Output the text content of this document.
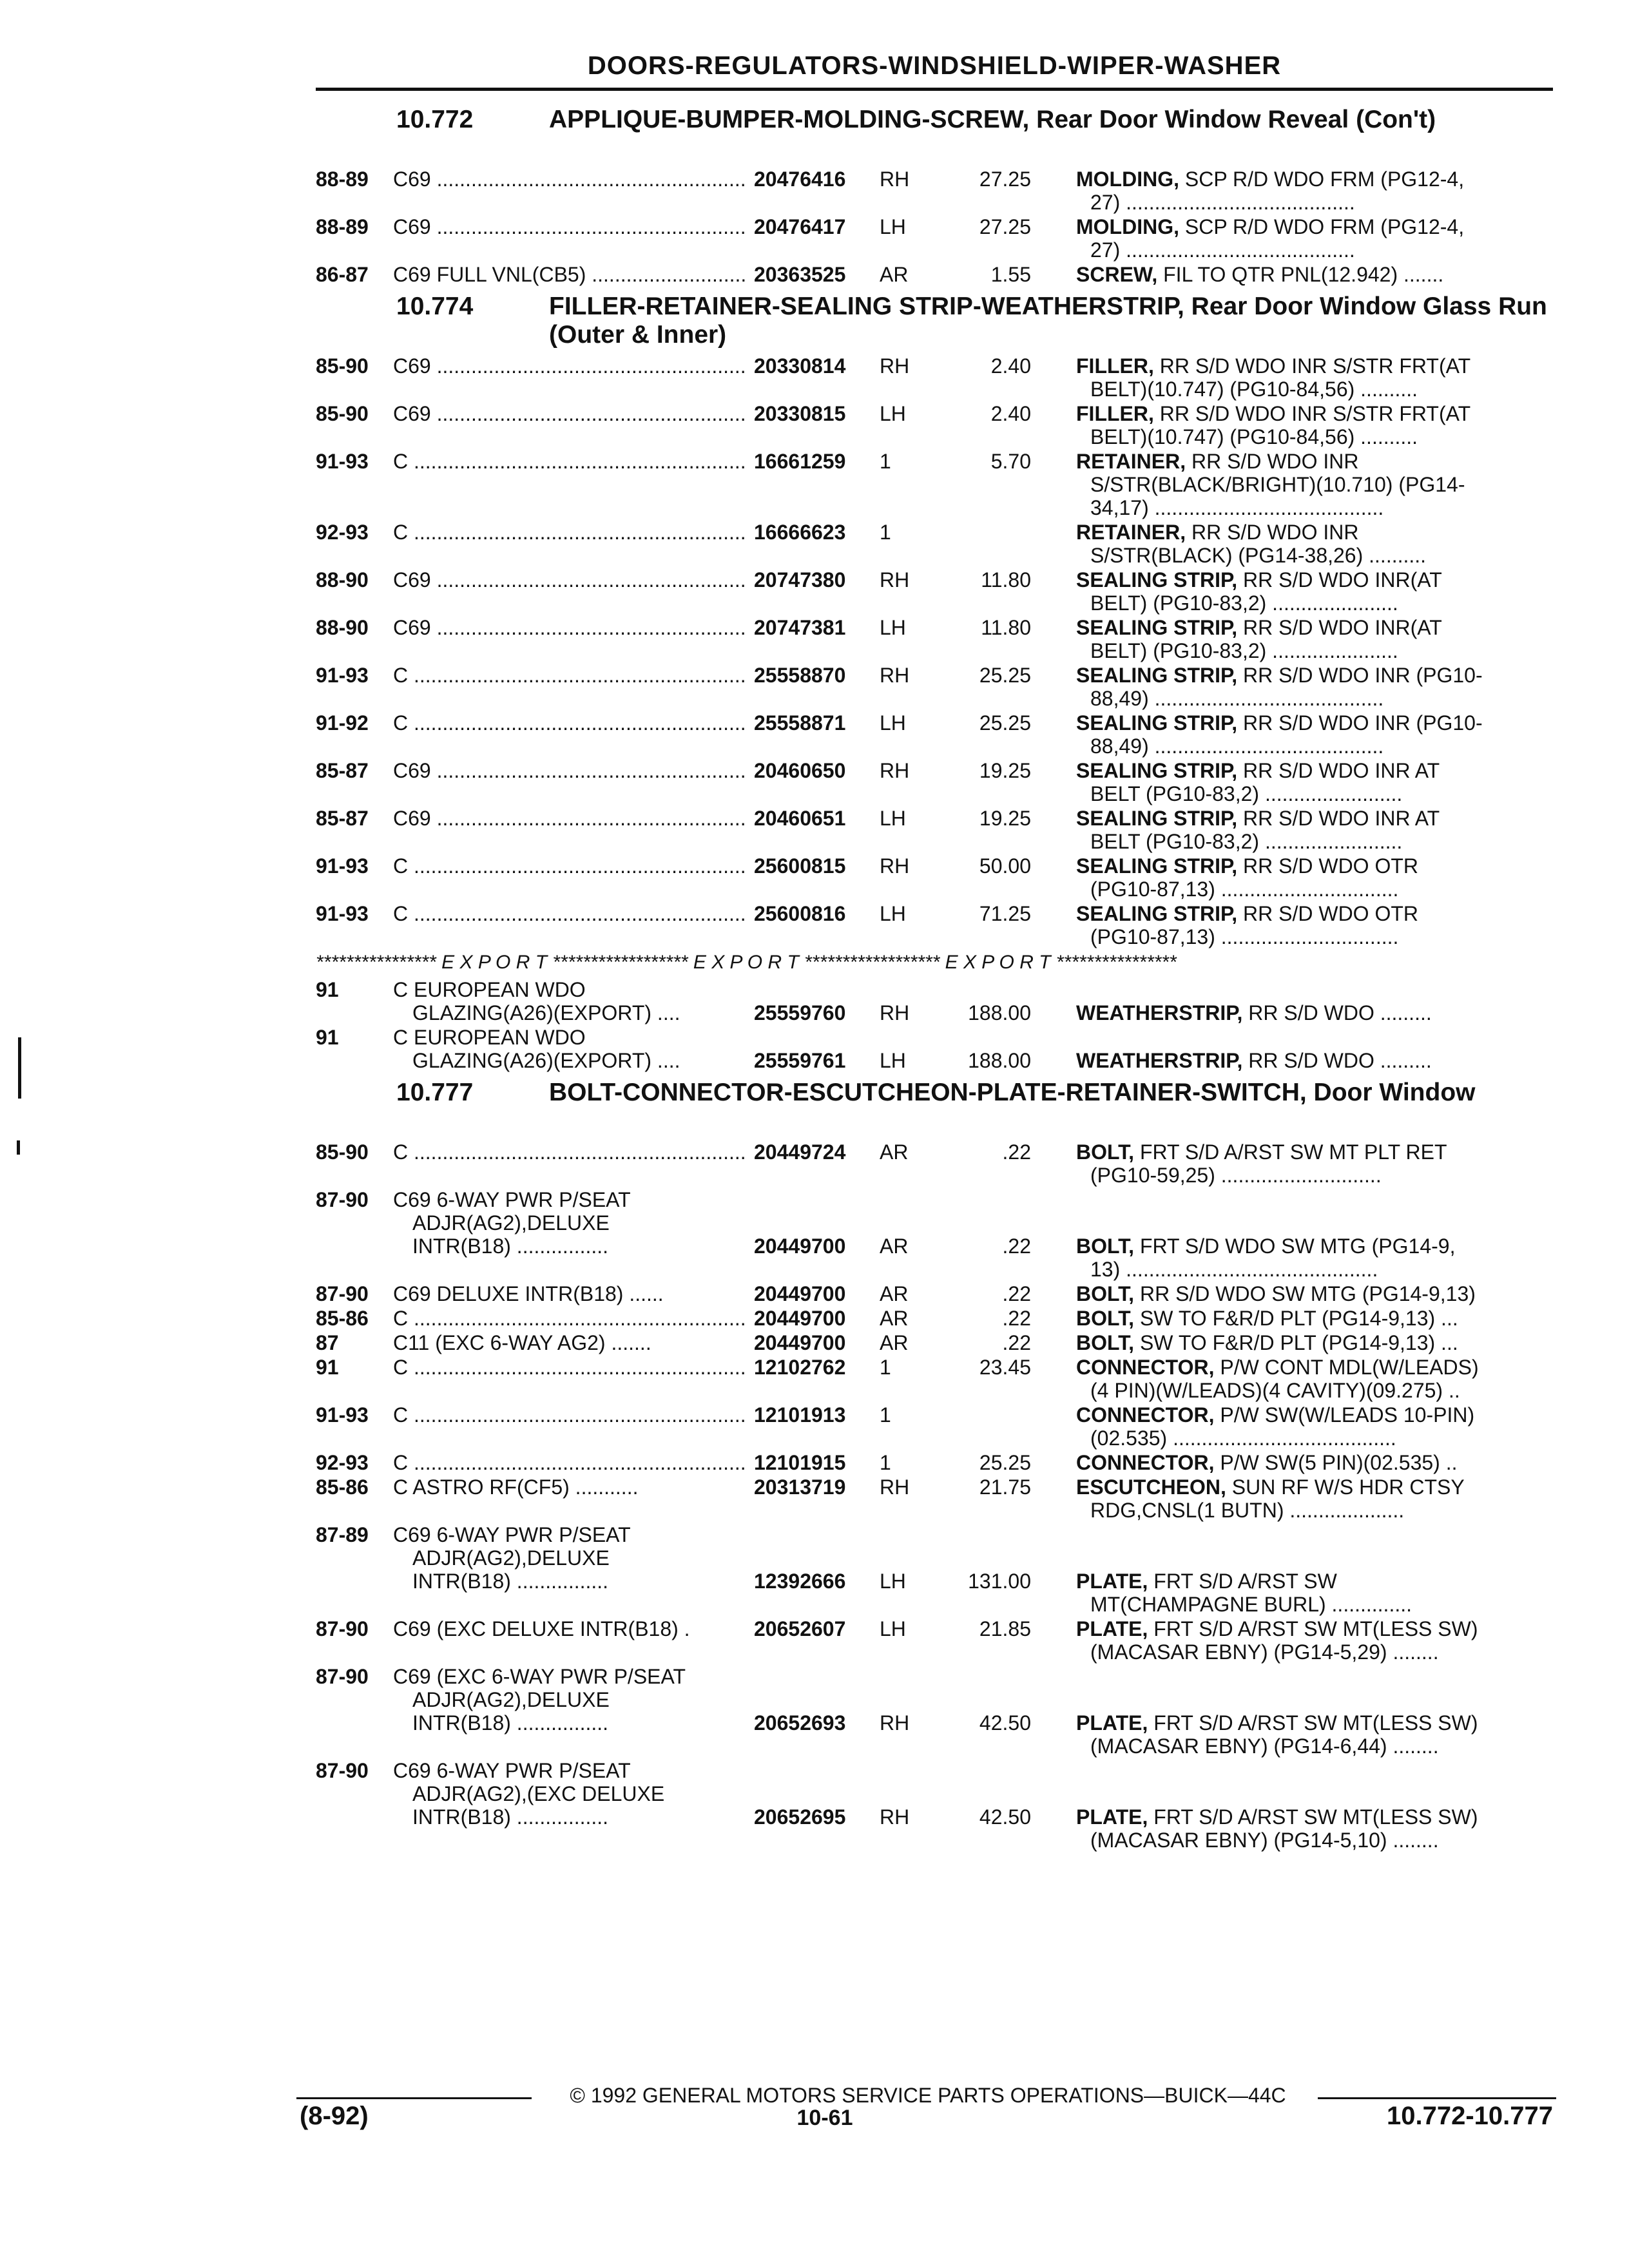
DOORS-REGULATORS-WINDSHIELD-WIPER-WASHER
10.772	APPLIQUE-BUMPER-MOLDING-SCREW, Rear Door Window Reveal (Con't)
88-89 C69 .....	20476416 RH	27.25 MOLDING, SCP R/D WDO FRM (PG12-4,
27) ........................................
88-89 C69 .....	20476417 LH	27.25 MOLDING, SCP R/D WDO FRM (PG12-4,
27) ........................................
86-87 C69 FULL VNL(CB5) .....	20363525 AR	1.55 SCREW, FIL TO QTR PNL(12.942) .......
10.774	FILLER-RETAINER-SEALING STRIP-WEATHERSTRIP, Rear Door Window Glass Run (Outer & Inner)
85-90 C69 .....	20330814 RH	2.40 FILLER, RR S/D WDO INR S/STR FRT(AT
BELT)(10.747) (PG10-84,56) ..........
85-90 C69 .....	20330815 LH	2.40 FILLER, RR S/D WDO INR S/STR FRT(AT
BELT)(10.747) (PG10-84,56) ..........
91-93 C .....	16661259 1	5.70 RETAINER, RR S/D WDO INR
S/STR(BLACK/BRIGHT)(10.710) (PG14-
34,17) ........................................
92-93 C .....	16666623 1	RETAINER, RR S/D WDO INR
S/STR(BLACK) (PG14-38,26) ..........
88-90 C69 .....	20747380 RH	11.80 SEALING STRIP, RR S/D WDO INR(AT
BELT) (PG10-83,2) ......................
88-90 C69 .....	20747381 LH	11.80 SEALING STRIP, RR S/D WDO INR(AT
BELT) (PG10-83,2) ......................
91-93 C .....	25558870 RH	25.25 SEALING STRIP, RR S/D WDO INR (PG10-
88,49) ........................................
91-92 C .....	25558871 LH	25.25 SEALING STRIP, RR S/D WDO INR (PG10-
88,49) ........................................
85-87 C69 .....	20460650 RH	19.25 SEALING STRIP, RR S/D WDO INR AT
BELT (PG10-83,2) ........................
85-87 C69 .....	20460651 LH	19.25 SEALING STRIP, RR S/D WDO INR AT
BELT (PG10-83,2) ........................
91-93 C .....	25600815 RH	50.00 SEALING STRIP, RR S/D WDO OTR
(PG10-87,13) ...............................
91-93 C .....	25600816 LH	71.25 SEALING STRIP, RR S/D WDO OTR
(PG10-87,13) ...............................
**************** E X P O R T ****************** E X P O R T ****************** E X P O R T ****************
91	C EUROPEAN WDO
GLAZING(A26)(EXPORT) ....	25559760 RH	188.00 WEATHERSTRIP, RR S/D WDO .........
91	C EUROPEAN WDO
GLAZING(A26)(EXPORT) ....	25559761 LH	188.00 WEATHERSTRIP, RR S/D WDO .........
10.777	BOLT-CONNECTOR-ESCUTCHEON-PLATE-RETAINER-SWITCH, Door Window
85-90 C .....	20449724 AR	.22 BOLT, FRT S/D A/RST SW MT PLT RET
(PG10-59,25) ............................
87-90 C69 6-WAY PWR P/SEAT
ADJR(AG2),DELUXE
INTR(B18) ................	20449700 AR	.22 BOLT, FRT S/D WDO SW MTG (PG14-9,
13) ............................................
87-90 C69 DELUXE INTR(B18) ......	20449700 AR	.22 BOLT, RR S/D WDO SW MTG (PG14-9,13)
85-86 C .....	20449700 AR	.22 BOLT, SW TO F&R/D PLT (PG14-9,13) ...
87	C11 (EXC 6-WAY AG2) .......	20449700 AR	.22 BOLT, SW TO F&R/D PLT (PG14-9,13) ...
91	C .....	12102762 1	23.45 CONNECTOR, P/W CONT MDL(W/LEADS)
(4 PIN)(W/LEADS)(4 CAVITY)(09.275) ..
91-93 C .....	12101913 1	CONNECTOR, P/W SW(W/LEADS 10-PIN)
(02.535) .......................................
92-93 C .....	12101915 1	25.25 CONNECTOR, P/W SW(5 PIN)(02.535) ..
85-86 C ASTRO RF(CF5) ...........	20313719 RH	21.75 ESCUTCHEON, SUN RF W/S HDR CTSY
RDG,CNSL(1 BUTN) ....................
87-89 C69 6-WAY PWR P/SEAT
ADJR(AG2),DELUXE
INTR(B18) ................	12392666 LH	131.00 PLATE, FRT S/D A/RST SW
MT(CHAMPAGNE BURL) ..............
87-90 C69 (EXC DELUXE INTR(B18) .	20652607 LH	21.85 PLATE, FRT S/D A/RST SW MT(LESS SW)
(MACASAR EBNY) (PG14-5,29) ........
87-90 C69 (EXC 6-WAY PWR P/SEAT
ADJR(AG2),DELUXE
INTR(B18) ................	20652693 RH	42.50 PLATE, FRT S/D A/RST SW MT(LESS SW)
(MACASAR EBNY) (PG14-6,44) ........
87-90 C69 6-WAY PWR P/SEAT
ADJR(AG2),(EXC DELUXE
INTR(B18) ................	20652695 RH	42.50 PLATE, FRT S/D A/RST SW MT(LESS SW)
(MACASAR EBNY) (PG14-5,10) ........
© 1992 GENERAL MOTORS SERVICE PARTS OPERATIONS—BUICK—44C
(8-92)	10-61	10.772-10.777
